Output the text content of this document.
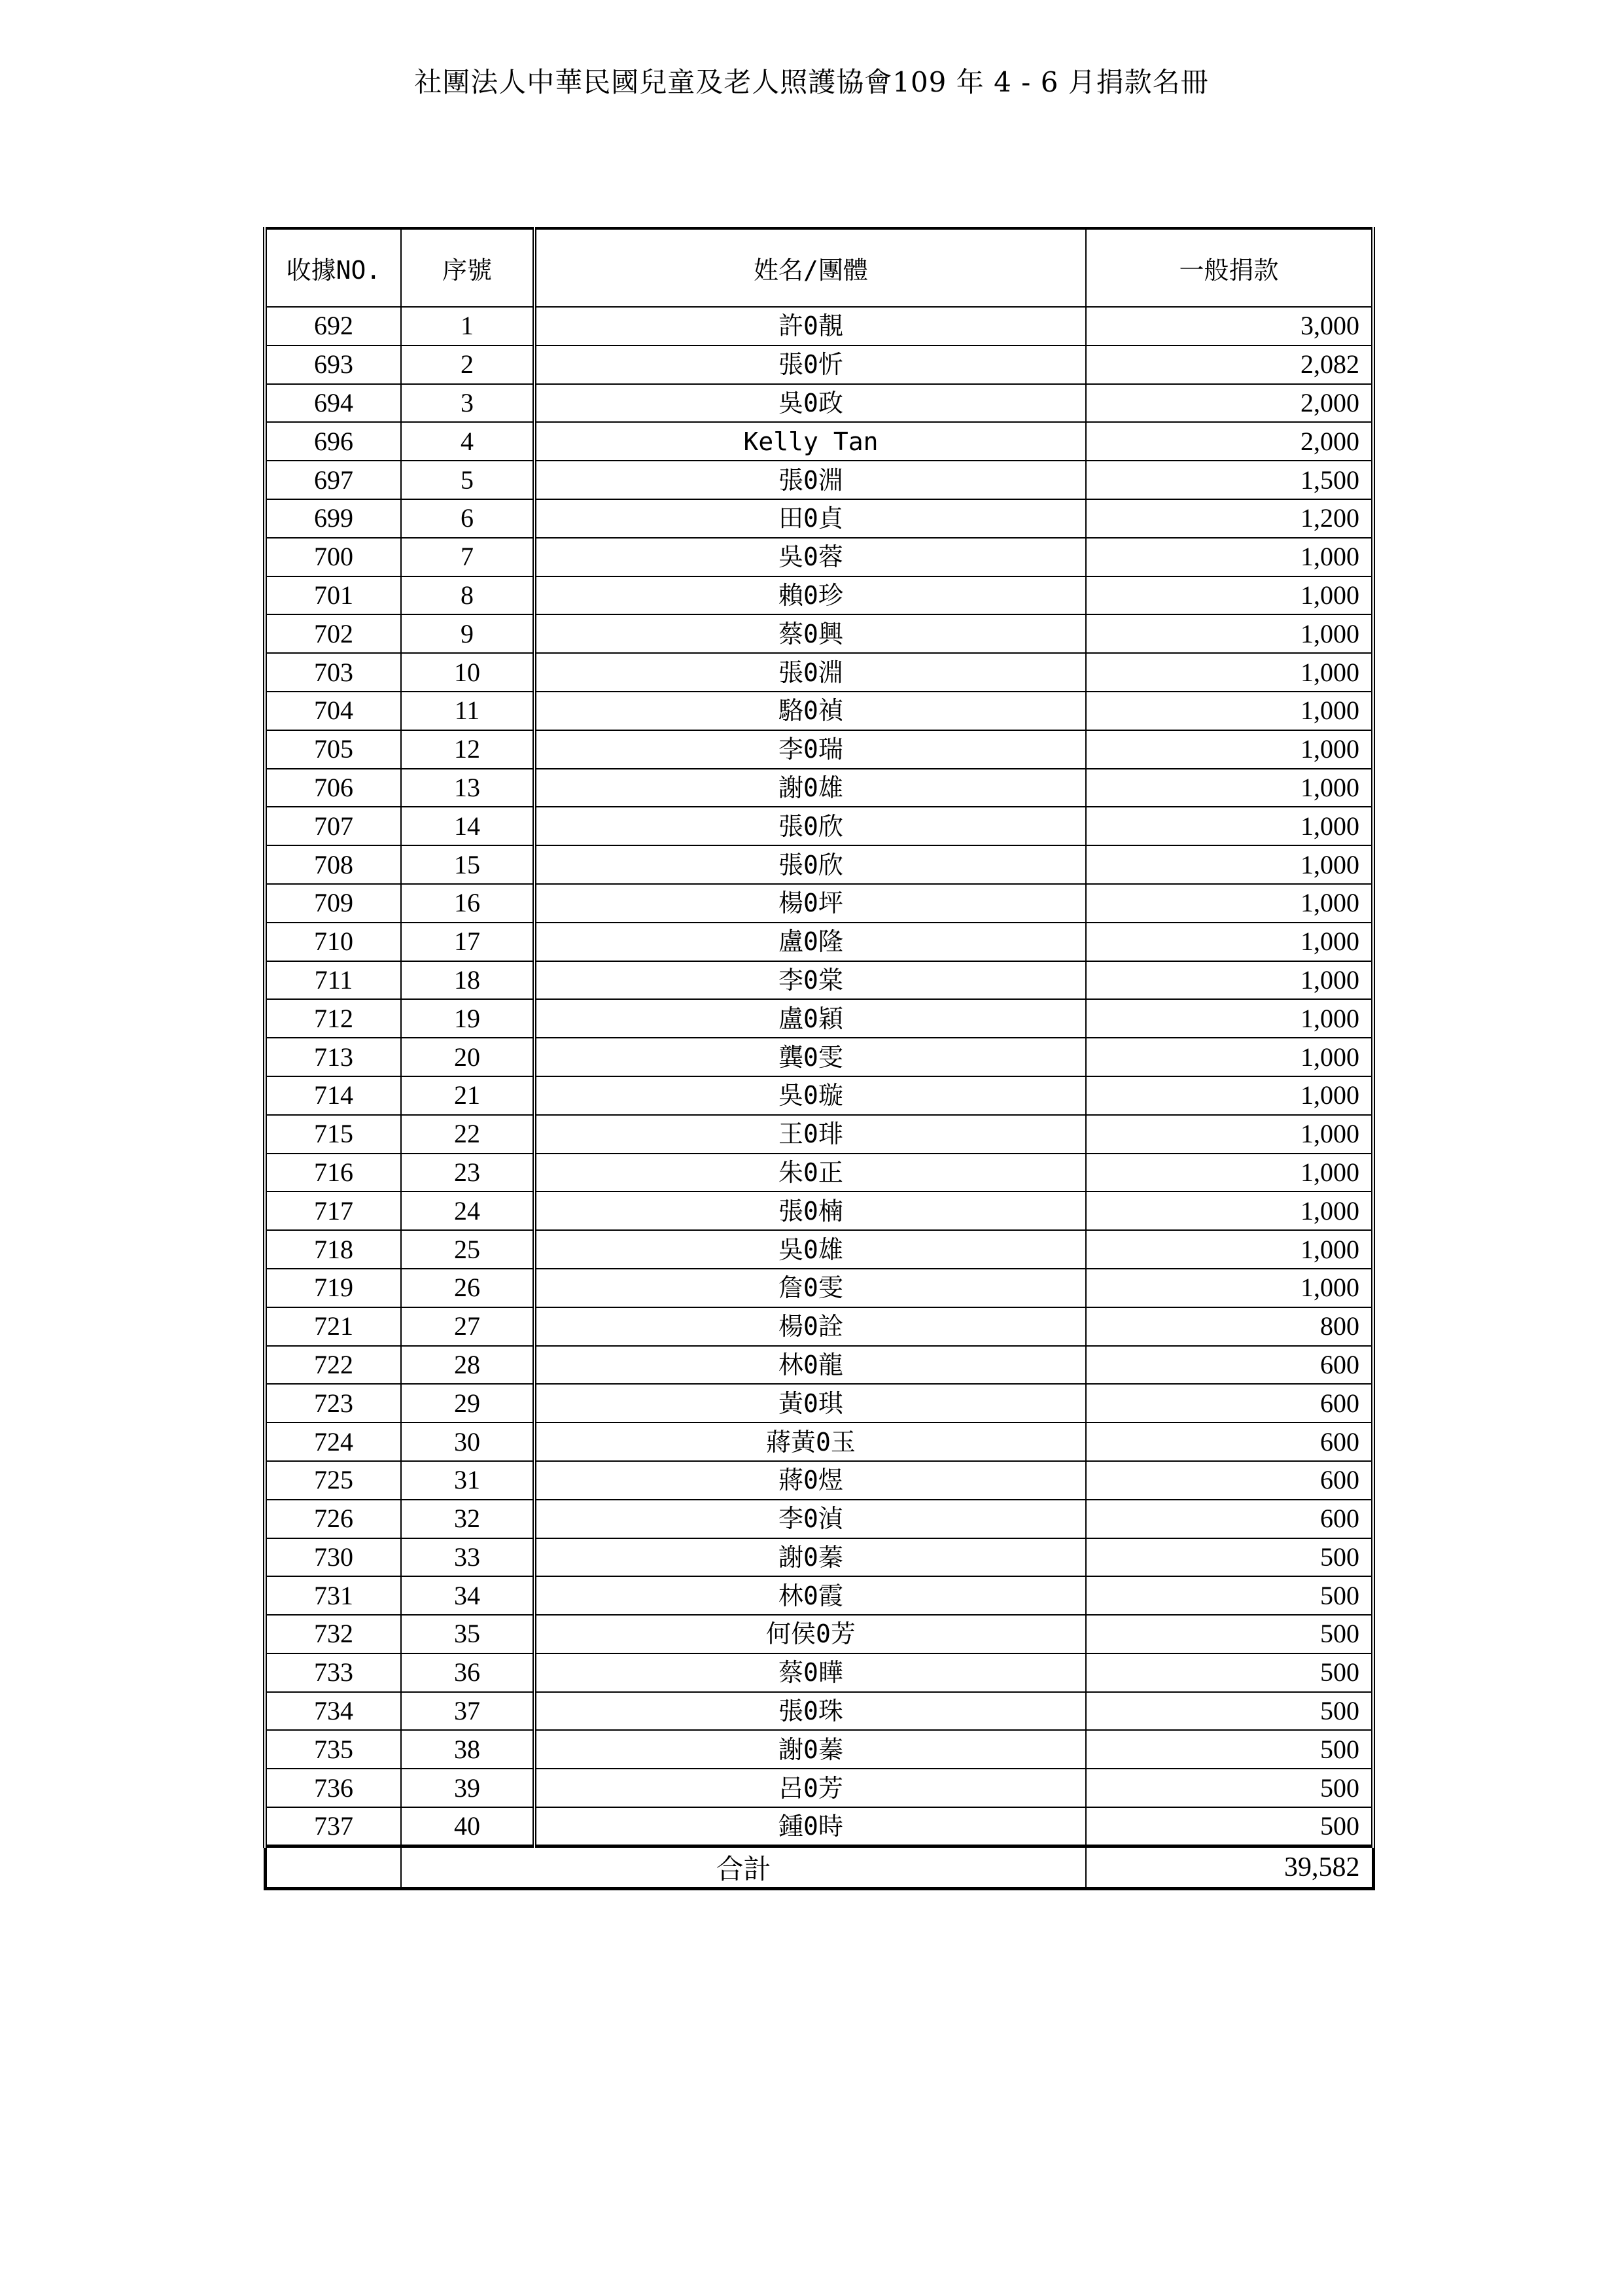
社團法人中華民國兒童及老人照護協會109 年 4 - 6 月捐款名冊
收據NO.	序號	姓名/團體	一般捐款
692	1	許0靚	3,000
693	2	張0忻	2,082
694	3	吳0政	2,000
696	4	Kelly Tan	2,000
697	5	張0淵	1,500
699	6	田0貞	1,200
700	7	吳0蓉	1,000
701	8	賴0珍	1,000
702	9	蔡0興	1,000
703	10	張0淵	1,000
704	11	駱0禎	1,000
705	12	李0瑞	1,000
706	13	謝0雄	1,000
707	14	張0欣	1,000
708	15	張0欣	1,000
709	16	楊0坪	1,000
710	17	盧0隆	1,000
711	18	李0棠	1,000
712	19	盧0穎	1,000
713	20	龔0雯	1,000
714	21	吳0璇	1,000
715	22	王0琲	1,000
716	23	朱0正	1,000
717	24	張0楠	1,000
718	25	吳0雄	1,000
719	26	詹0雯	1,000
721	27	楊0詮	800
722	28	林0龍	600
723	29	黃0琪	600
724	30	蔣黃0玉	600
725	31	蔣0煜	600
726	32	李0湞	600
730	33	謝0蓁	500
731	34	林0霞	500
732	35	何侯0芳	500
733	36	蔡0瞱	500
734	37	張0珠	500
735	38	謝0蓁	500
736	39	呂0芳	500
737	40	鍾0時	500
	合計		39,582
